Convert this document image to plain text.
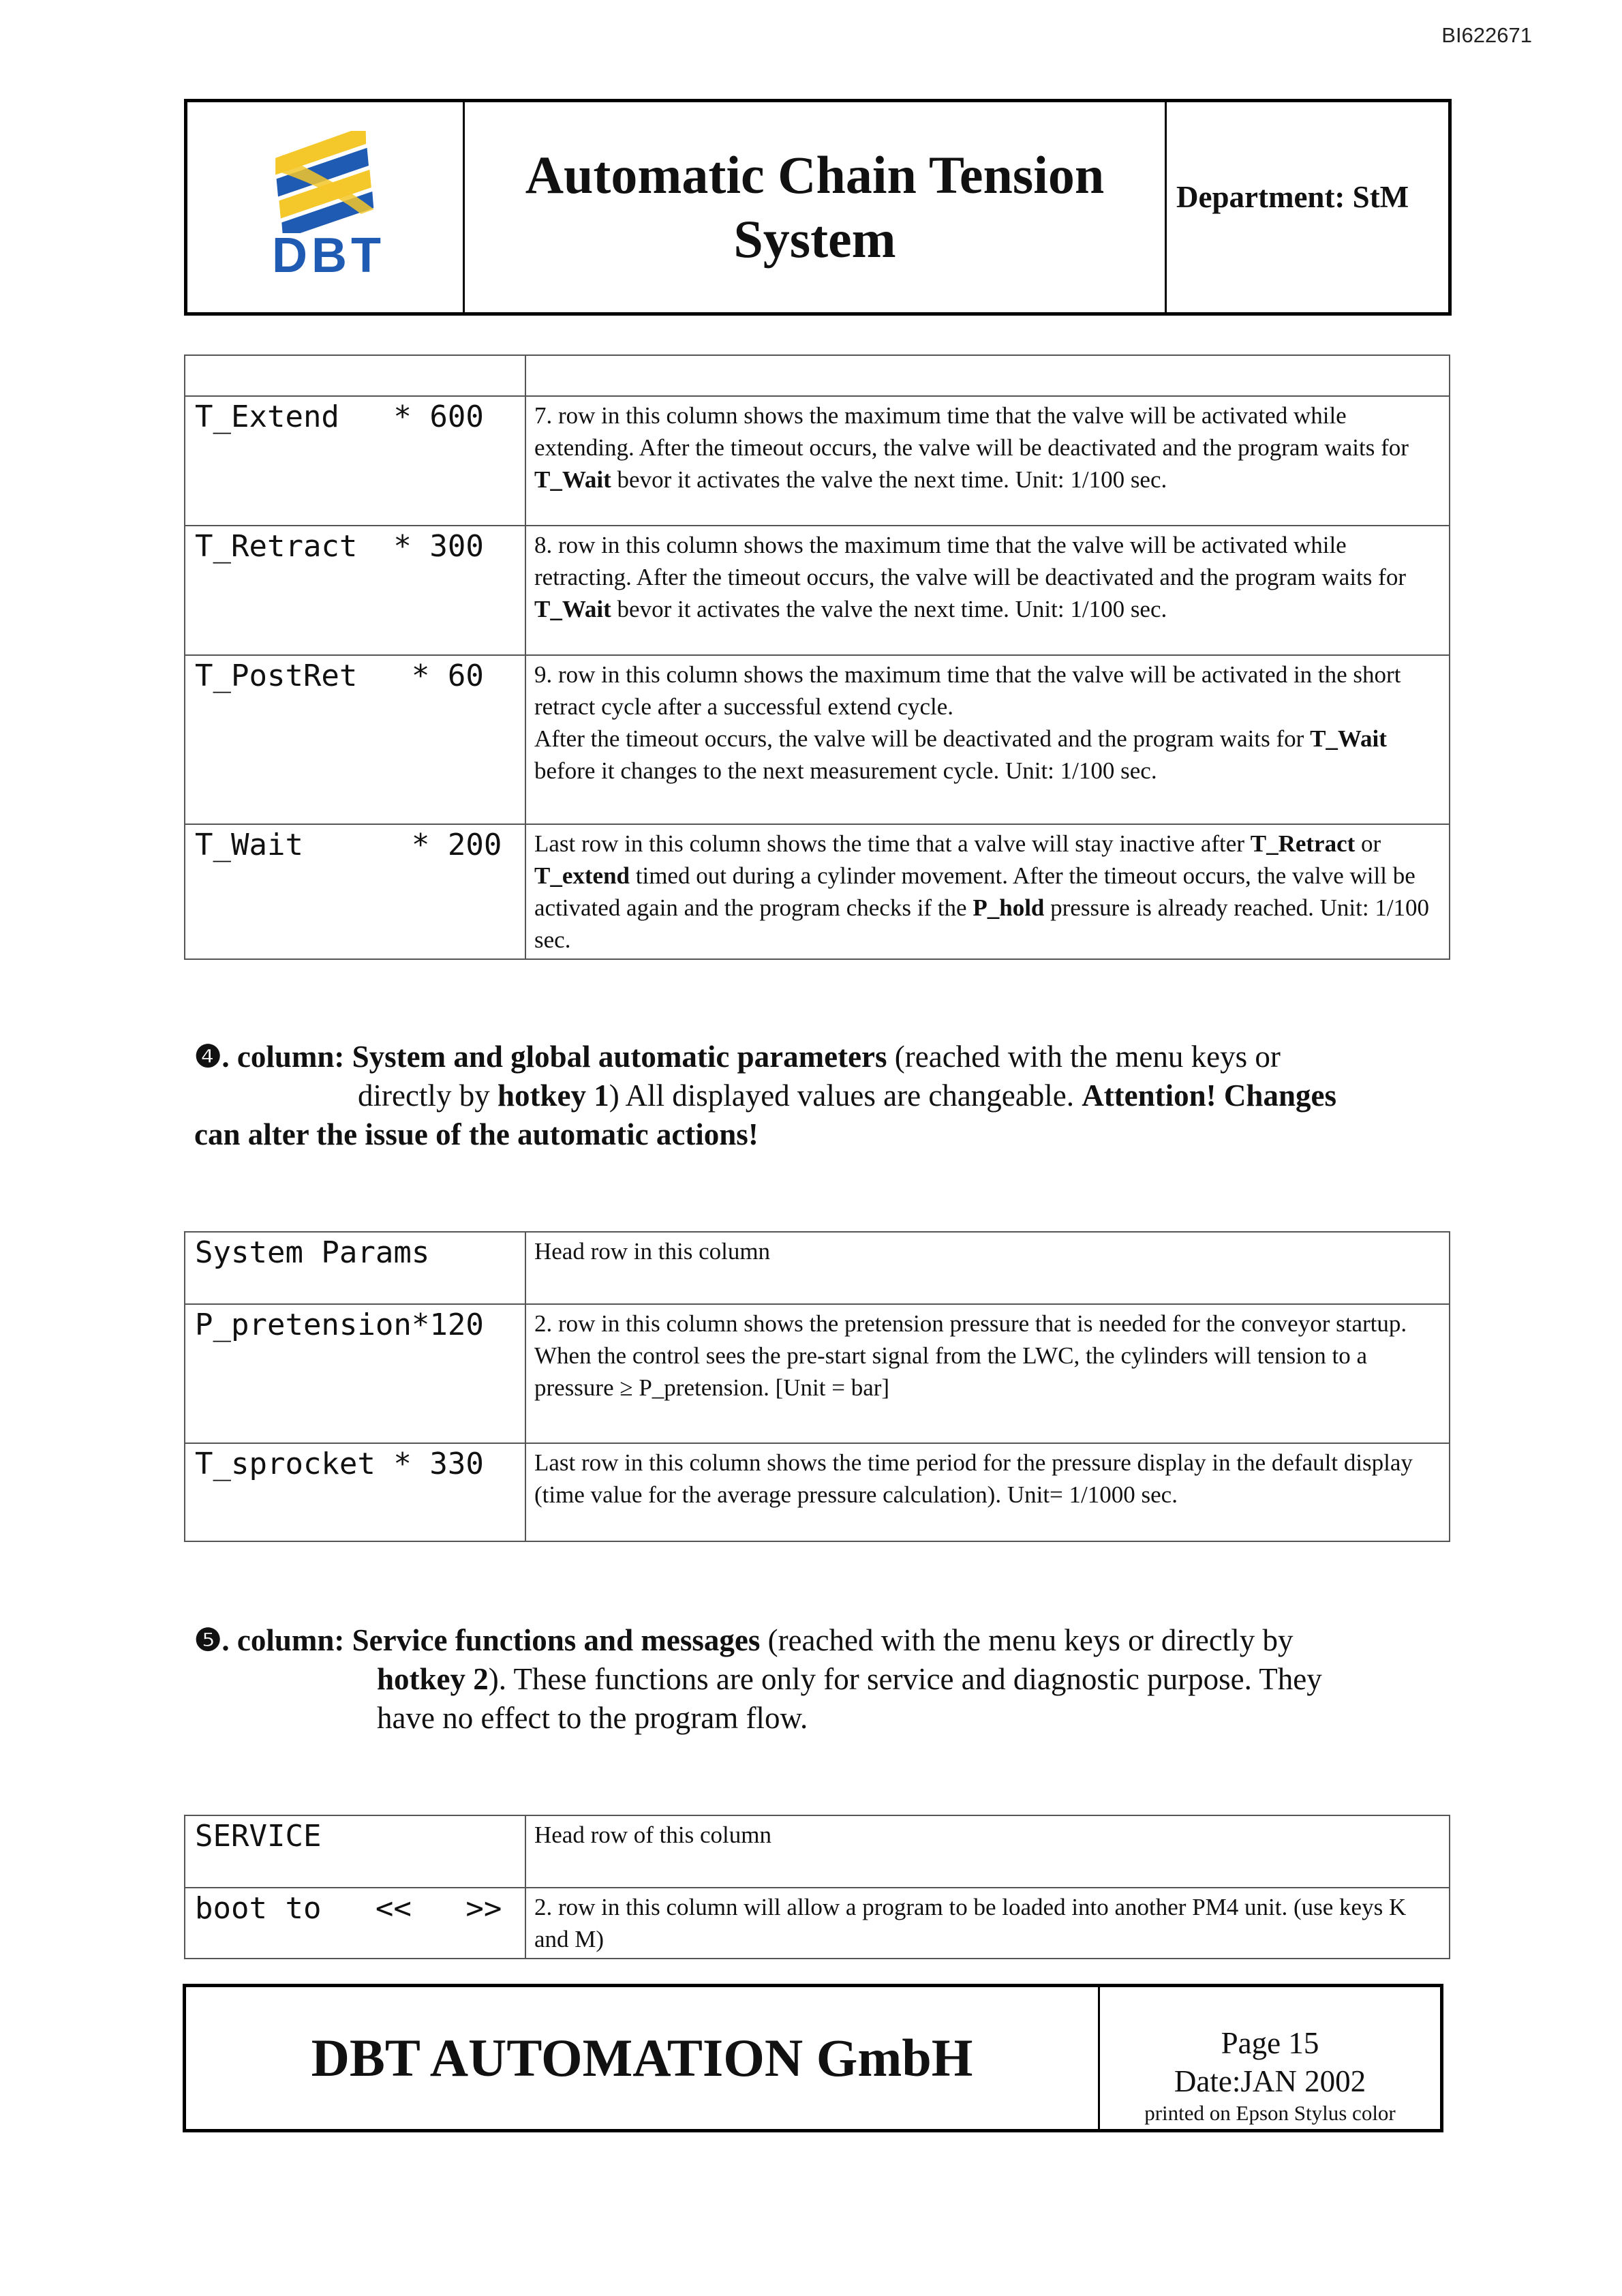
BI622671
DBT
Automatic Chain Tension System
Department: StM

T_Extend   * 600	7. row in this column shows the maximum time that the valve will be activated while extending. After the timeout occurs, the valve will be deactivated and the program waits for T_Wait bevor it activates the valve the next time. Unit: 1/100 sec.
T_Retract  * 300	8. row in this column shows the maximum time that the valve will be activated while retracting. After the timeout occurs, the valve will be deactivated and the program waits for T_Wait bevor it activates the valve the next time. Unit: 1/100 sec.
T_PostRet   * 60	9. row in this column shows the maximum time that the valve will be activated in the short retract cycle after a successful extend cycle.
After the timeout occurs, the valve will be deactivated and the program waits for T_Wait before it changes to the next measurement cycle. Unit: 1/100 sec.
T_Wait      * 200	Last row in this column shows the time that a valve will stay inactive after T_Retract or T_extend timed out during a cylinder movement. After the timeout occurs, the valve will be activated again and the program checks if the P_hold pressure is already reached. Unit: 1/100 sec.
❹. column: System and global automatic parameters (reached with the menu keys or
directly by hotkey 1) All displayed values are changeable. Attention! Changes
can alter the issue of the automatic actions!
System Params	Head row in this column
P_pretension*120	2. row in this column shows the pretension pressure that is needed for the conveyor startup. When the control sees the pre-start signal from the LWC, the cylinders will tension to a pressure ≥ P_pretension. [Unit = bar]
T_sprocket * 330	Last row in this column shows the time period for the pressure display in the default display (time value for the average pressure calculation). Unit= 1/1000 sec.
❺. column: Service functions and messages (reached with the menu keys or directly by
hotkey 2). These functions are only for service and diagnostic purpose. They
have no effect to the program flow.
SERVICE	Head row of this column
boot to   <<   >>	2. row in this column will allow a program to be loaded into another PM4 unit. (use keys K and M)
DBT AUTOMATION GmbH	Page 15
Date:JAN 2002
printed on Epson Stylus color
